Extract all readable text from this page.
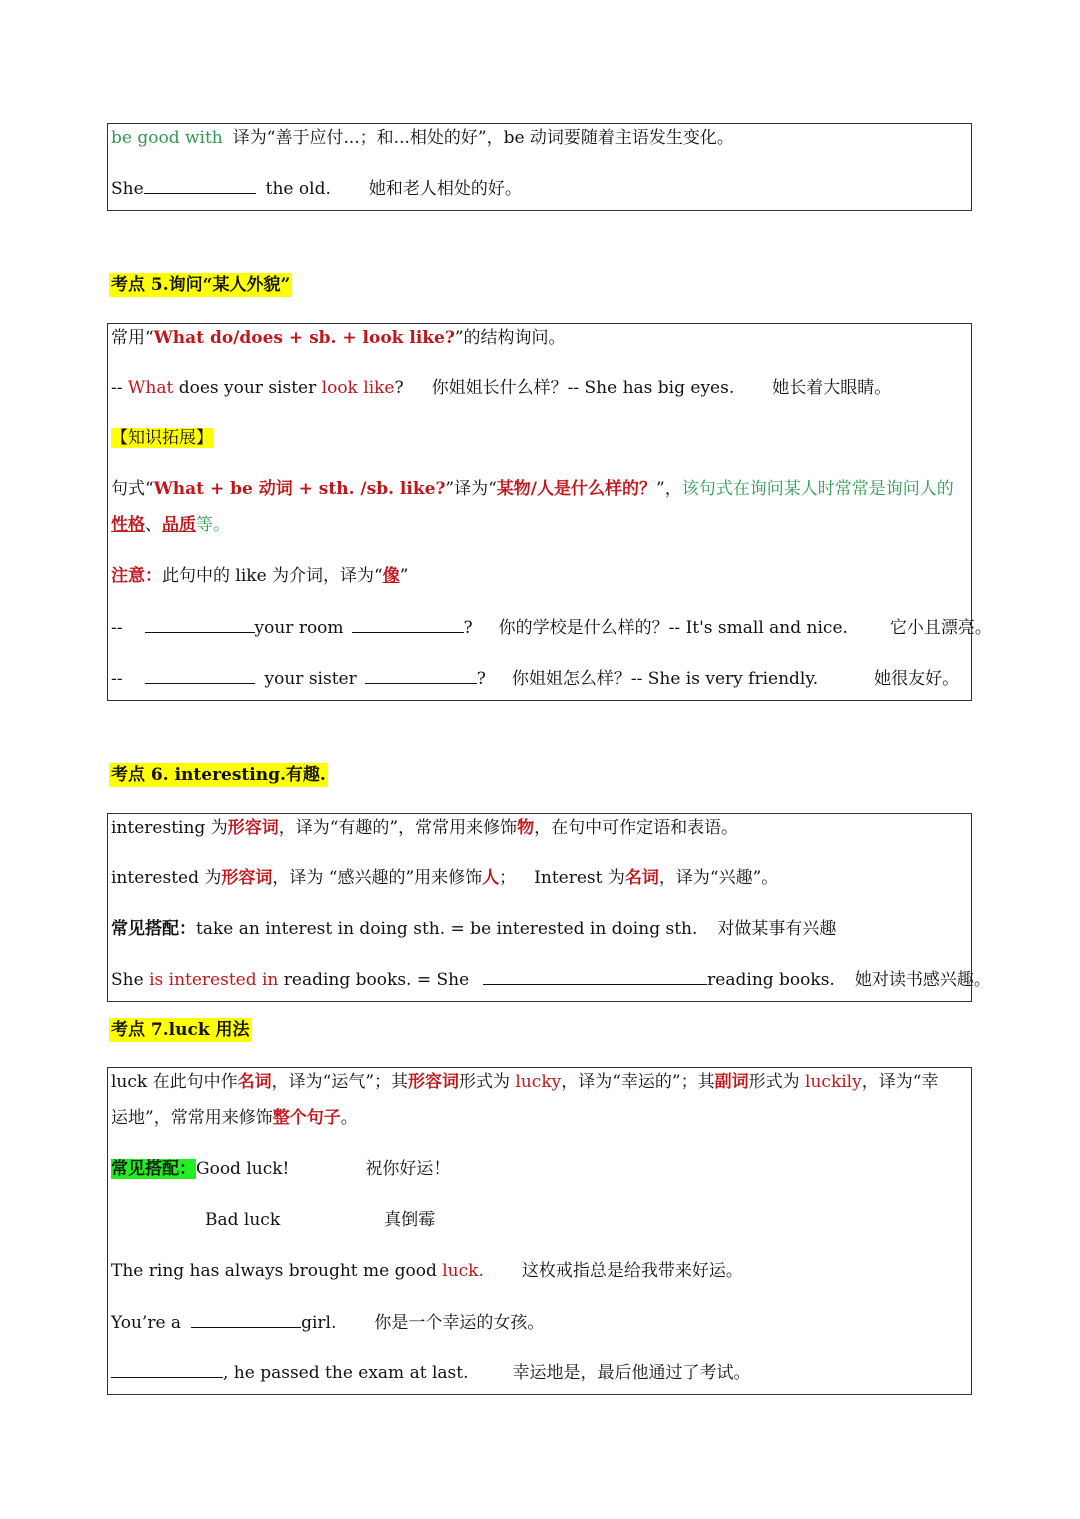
be good with 译为“善于应付...；和...相处的好”，be 动词要随着主语发生变化。
She	the old. 她和老人相处的好。
考点 5.询问“某人外貌”
常用“What do/does + sb. + look like?”的结构询问。
-- What does your sister look like? 你姐姐长什么样？-- She has big eyes. 她长着大眼睛。
【知识拓展】
句式“What + be 动词 + sth. /sb. like?”译为“某物/人是什么样的？”，该句式在询问某人时常常是询问人的
性格、品质等。
注意：此句中的 like 为介词，译为“像”
--	your room	? 你的学校是什么样的？-- It's small and nice. 它小且漂亮。
--	your sister	? 你姐姐怎么样？-- She is very friendly.	她很友好。
考点 6. interesting.有趣.
interesting 为形容词，译为“有趣的”，常常用来修饰物，在句中可作定语和表语。
interested 为形容词，译为 “感兴趣的”用来修饰人； Interest 为名词，译为“兴趣”。
常见搭配：take an interest in doing sth. = be interested in doing sth. 对做某事有兴趣
She is interested in reading books. = She	reading books. 她对读书感兴趣。
考点 7.luck 用法
luck 在此句中作名词，译为“运气”；其形容词形式为 lucky，译为“幸运的”；其副词形式为 luckily，译为“幸
运地”，常常用来修饰整个句子。
常见搭配：Good luck!	祝你好运！
Bad luck	真倒霉
The ring has always brought me good luck. 这枚戒指总是给我带来好运。
You’re a	girl. 你是一个幸运的女孩。
, he passed the exam at last.	幸运地是，最后他通过了考试。
